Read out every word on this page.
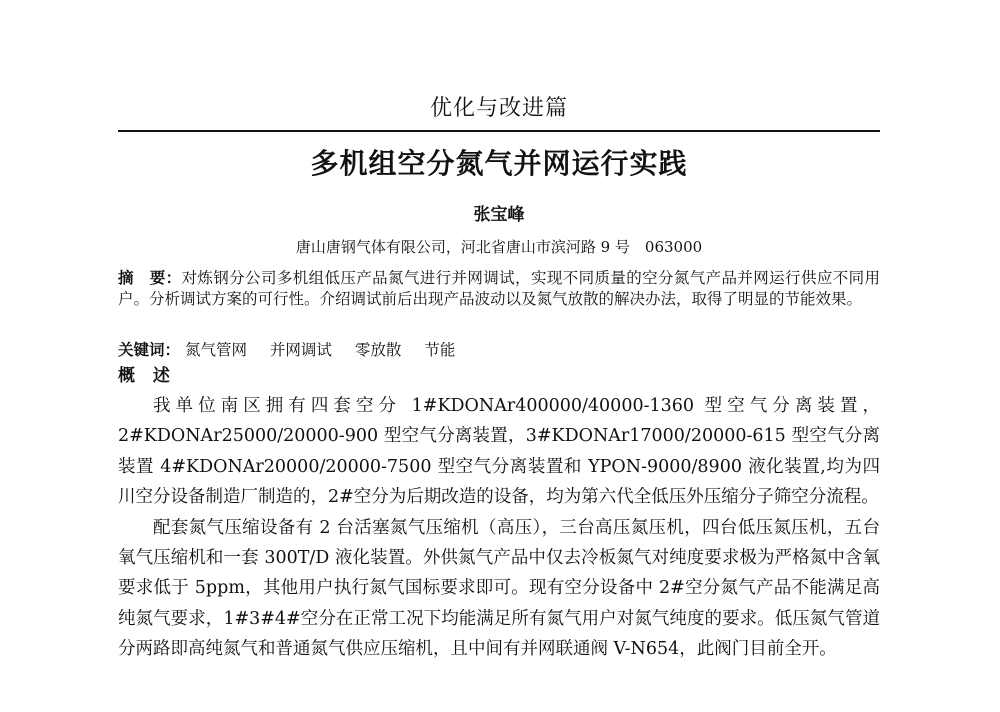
优化与改进篇
多机组空分氮气并网运行实践
张宝峰
唐山唐钢气体有限公司，河北省唐山市滨河路 9 号　063000
摘　要：对炼钢分公司多机组低压产品氮气进行并网调试，实现不同质量的空分氮气产品并网运行供应不同用户。分析调试方案的可行性。介绍调试前后出现产品波动以及氮气放散的解决办法，取得了明显的节能效果。
关键词： 氮气管网 并网调试 零放散 节能
概 述

我单位南区拥有四套空分 1#KDONAr400000/40000-1360 型空气分离装置，2#KDONAr25000/20000-900 型空气分离装置，3#KDONAr17000/20000-615 型空气分离装置 4#KDONAr20000/20000-7500 型空气分离装置和 YPON-9000/8900 液化装置,均为四川空分设备制造厂制造的，2#空分为后期改造的设备，均为第六代全低压外压缩分子筛空分流程。

配套氮气压缩设备有 2 台活塞氮气压缩机（高压），三台高压氮压机，四台低压氮压机，五台氧气压缩机和一套 300T/D 液化装置。外供氮气产品中仅去冷板氮气对纯度要求极为严格氮中含氧要求低于 5ppm，其他用户执行氮气国标要求即可。现有空分设备中 2#空分氮气产品不能满足高纯氮气要求，1#3#4#空分在正常工况下均能满足所有氮气用户对氮气纯度的要求。低压氮气管道分两路即高纯氮气和普通氮气供应压缩机，且中间有并网联通阀 V-N654，此阀门目前全开。
